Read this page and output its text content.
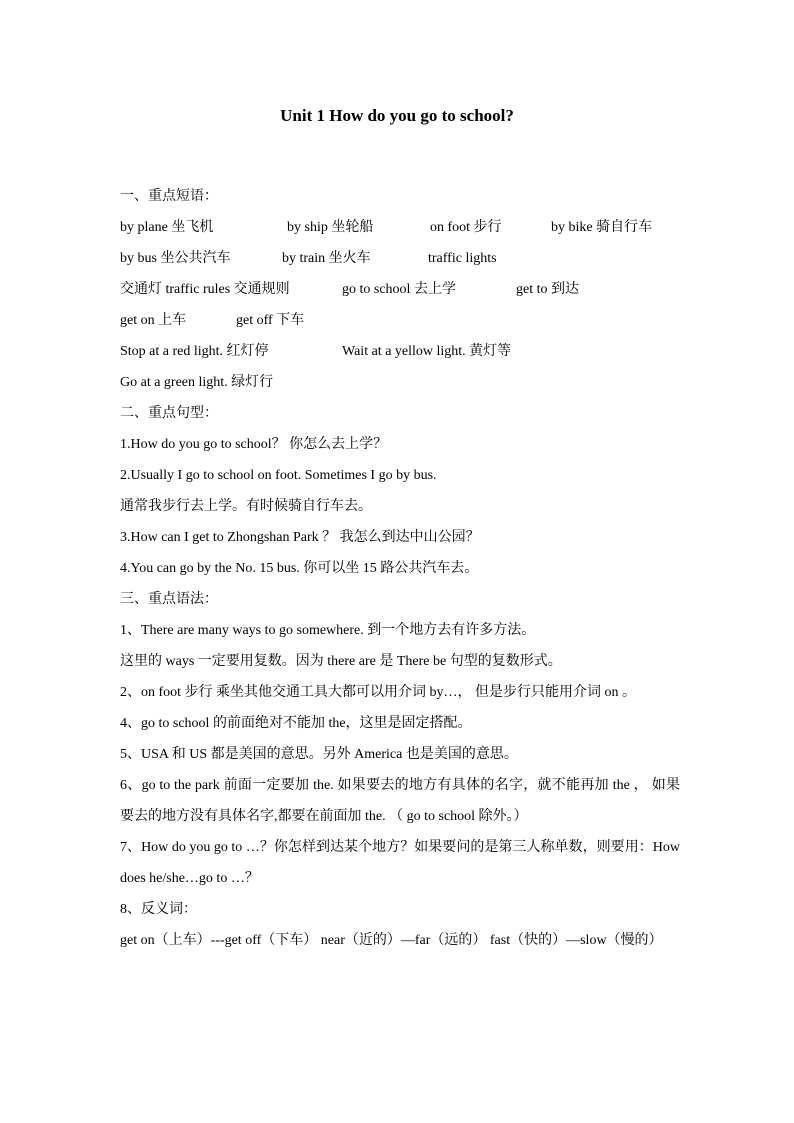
Unit 1 How do you go to school?
一、重点短语：
by plane 坐飞机	by ship 坐轮船	on foot 步行	by bike 骑自行车
by bus 坐公共汽车	by train 坐火车	traffic lights
交通灯 traffic rules 交通规则	go to school 去上学	get to 到达
get on 上车	get off 下车
Stop at a red light. 红灯停	Wait at a yellow light. 黄灯等
Go at a green light. 绿灯行
二、重点句型：
1.How do you go to school？ 你怎么去上学？
2.Usually I go to school on foot. Sometimes I go by bus.
通常我步行去上学。有时候骑自行车去。
3.How can I get to Zhongshan Park ？ 我怎么到达中山公园？
4.You can go by the No. 15 bus. 你可以坐 15 路公共汽车去。
三、重点语法：
1、There are many ways to go somewhere. 到一个地方去有许多方法。
这里的 ways 一定要用复数。因为 there are 是 There be 句型的复数形式。
2、on foot 步行 乘坐其他交通工具大都可以用介词 by…， 但是步行只能用介词 on 。
4、go to school 的前面绝对不能加 the，这里是固定搭配。
5、USA 和 US 都是美国的意思。另外 America 也是美国的意思。
6、go to the park 前面一定要加 the. 如果要去的地方有具体的名字，就不能再加 the ， 如果要去的地方没有具体名字,都要在前面加 the. （ go to school 除外。）
7、How do you go to …？你怎样到达某个地方？如果要问的是第三人称单数，则要用：How does he/she…go to …？
8、反义词：
get on（上车）---get off（下车） near（近的）—far（远的） fast（快的）—slow（慢的）
